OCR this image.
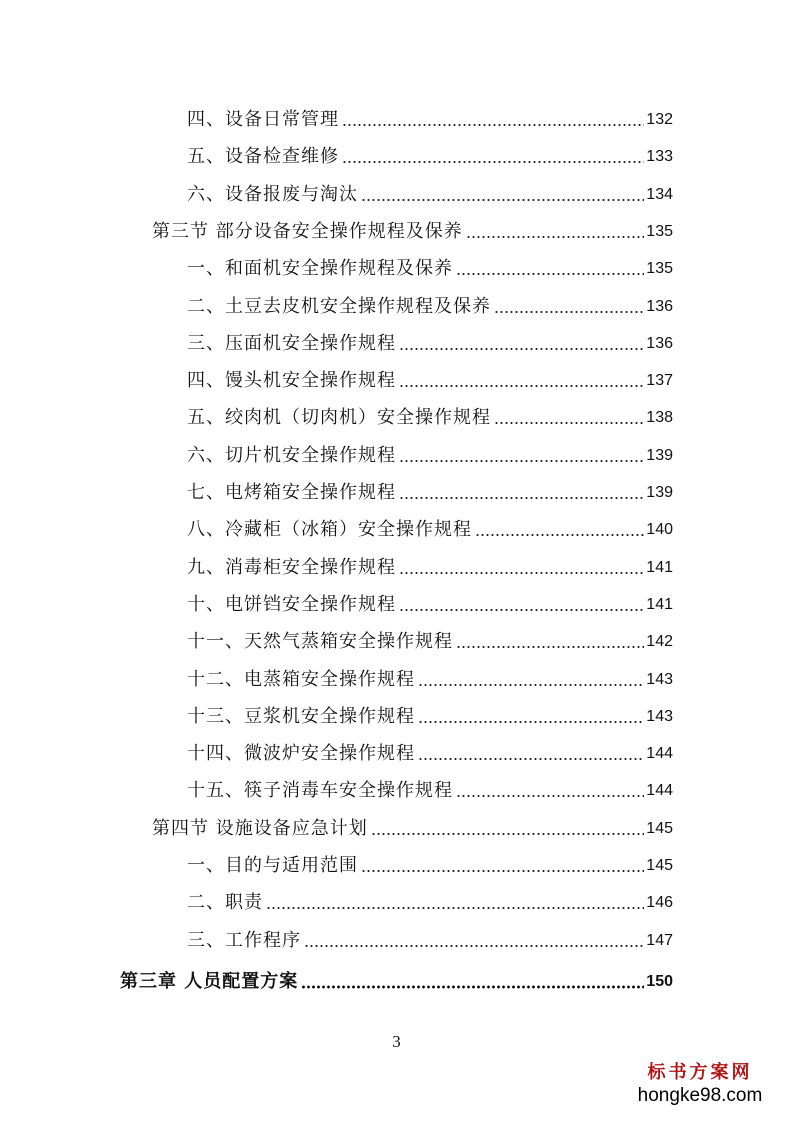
四、设备日常管理	132
五、设备检查维修	133
六、设备报废与淘汰	134
第三节 部分设备安全操作规程及保养	135
一、和面机安全操作规程及保养	135
二、土豆去皮机安全操作规程及保养	136
三、压面机安全操作规程	136
四、馒头机安全操作规程	137
五、绞肉机（切肉机）安全操作规程	138
六、切片机安全操作规程	139
七、电烤箱安全操作规程	139
八、冷藏柜（冰箱）安全操作规程	140
九、消毒柜安全操作规程	141
十、电饼铛安全操作规程	141
十一、天然气蒸箱安全操作规程	142
十二、电蒸箱安全操作规程	143
十三、豆浆机安全操作规程	143
十四、微波炉安全操作规程	144
十五、筷子消毒车安全操作规程	144
第四节 设施设备应急计划	145
一、目的与适用范围	145
二、职责	146
三、工作程序	147
第三章 人员配置方案	150
3
标书方案网
hongke98.com
